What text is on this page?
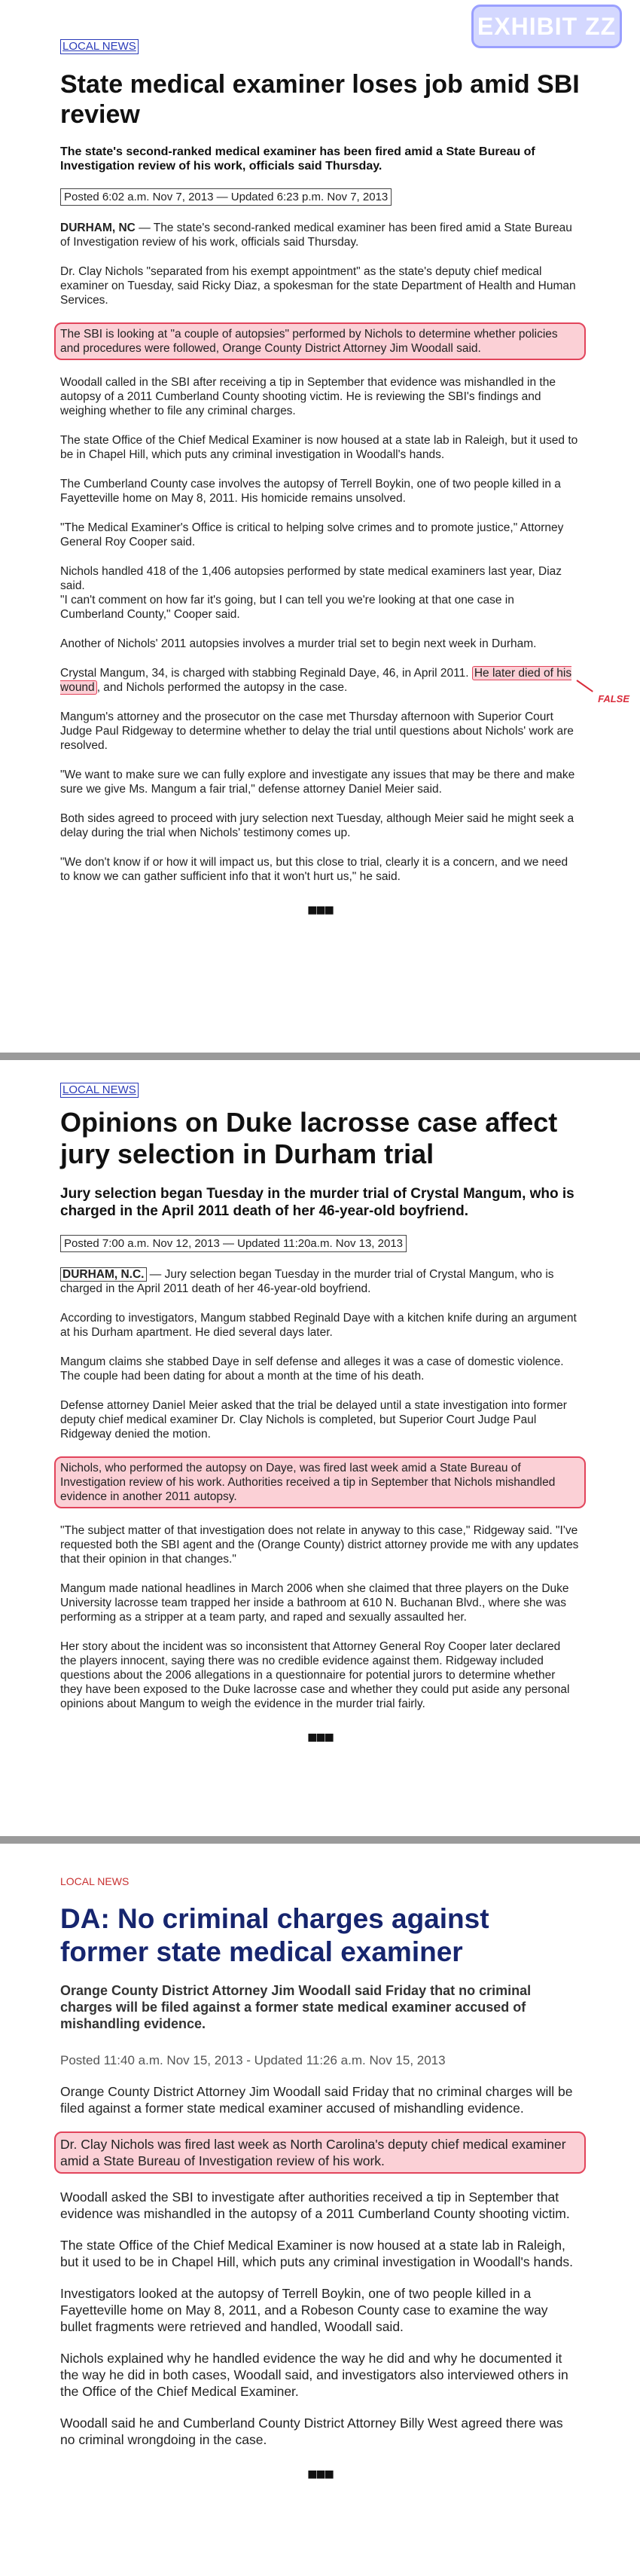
EXHIBIT ZZ
LOCAL NEWS
State medical examiner loses job amid SBI review

The state's second-ranked medical examiner has been fired amid a State Bureau of Investigation review of his work, officials said Thursday.

Posted 6:02 a.m. Nov 7, 2013 — Updated 6:23 p.m. Nov 7, 2013

DURHAM, NC — The state's second-ranked medical examiner has been fired amid a State Bureau of Investigation review of his work, officials said Thursday.

Dr. Clay Nichols "separated from his exempt appointment" as the state's deputy chief medical examiner on Tuesday, said Ricky Diaz, a spokesman for the state Department of Health and Human Services.

The SBI is looking at "a couple of autopsies" performed by Nichols to determine whether policies and procedures were followed, Orange County District Attorney Jim Woodall said.

Woodall called in the SBI after receiving a tip in September that evidence was mishandled in the autopsy of a 2011 Cumberland County shooting victim. He is reviewing the SBI's findings and weighing whether to file any criminal charges.

The state Office of the Chief Medical Examiner is now housed at a state lab in Raleigh, but it used to be in Chapel Hill, which puts any criminal investigation in Woodall's hands.

The Cumberland County case involves the autopsy of Terrell Boykin, one of two people killed in a Fayetteville home on May 8, 2011. His homicide remains unsolved.

"The Medical Examiner's Office is critical to helping solve crimes and to promote justice," Attorney General Roy Cooper said.

Nichols handled 418 of the 1,406 autopsies performed by state medical examiners last year, Diaz said.
"I can't comment on how far it's going, but I can tell you we're looking at that one case in Cumberland County," Cooper said.

Another of Nichols' 2011 autopsies involves a murder trial set to begin next week in Durham.

Crystal Mangum, 34, is charged with stabbing Reginald Daye, 46, in April 2011. He later died of his wound , and Nichols performed the autopsy in the case.
FALSE

Mangum's attorney and the prosecutor on the case met Thursday afternoon with Superior Court Judge Paul Ridgeway to determine whether to delay the trial until questions about Nichols' work are resolved.

"We want to make sure we can fully explore and investigate any issues that may be there and make sure we give Ms. Mangum a fair trial," defense attorney Daniel Meier said.

Both sides agreed to proceed with jury selection next Tuesday, although Meier said he might seek a delay during the trial when Nichols' testimony comes up.

"We don't know if or how it will impact us, but this close to trial, clearly it is a concern, and we need to know we can gather sufficient info that it won't hurt us," he said.

■■■
LOCAL NEWS
Opinions on Duke lacrosse case affect jury selection in Durham trial

Jury selection began Tuesday in the murder trial of Crystal Mangum, who is charged in the April 2011 death of her 46-year-old boyfriend.

Posted 7:00 a.m. Nov 12, 2013 — Updated 11:20a.m. Nov 13, 2013

DURHAM, N.C. — Jury selection began Tuesday in the murder trial of Crystal Mangum, who is charged in the April 2011 death of her 46-year-old boyfriend.

According to investigators, Mangum stabbed Reginald Daye with a kitchen knife during an argument at his Durham apartment. He died several days later.

Mangum claims she stabbed Daye in self defense and alleges it was a case of domestic violence. The couple had been dating for about a month at the time of his death.

Defense attorney Daniel Meier asked that the trial be delayed until a state investigation into former deputy chief medical examiner Dr. Clay Nichols is completed, but Superior Court Judge Paul Ridgeway denied the motion.

Nichols, who performed the autopsy on Daye, was fired last week amid a State Bureau of Investigation review of his work. Authorities received a tip in September that Nichols mishandled evidence in another 2011 autopsy.

"The subject matter of that investigation does not relate in anyway to this case," Ridgeway said. "I've requested both the SBI agent and the (Orange County) district attorney provide me with any updates that their opinion in that changes."

Mangum made national headlines in March 2006 when she claimed that three players on the Duke University lacrosse team trapped her inside a bathroom at 610 N. Buchanan Blvd., where she was performing as a stripper at a team party, and raped and sexually assaulted her.

Her story about the incident was so inconsistent that Attorney General Roy Cooper later declared the players innocent, saying there was no credible evidence against them. Ridgeway included questions about the 2006 allegations in a questionnaire for potential jurors to determine whether they have been exposed to the Duke lacrosse case and whether they could put aside any personal opinions about Mangum to weigh the evidence in the murder trial fairly.

■■■
LOCAL NEWS
DA: No criminal charges against former state medical examiner

Orange County District Attorney Jim Woodall said Friday that no criminal charges will be filed against a former state medical examiner accused of mishandling evidence.

Posted 11:40 a.m. Nov 15, 2013 - Updated 11:26 a.m. Nov 15, 2013

Orange County District Attorney Jim Woodall said Friday that no criminal charges will be filed against a former state medical examiner accused of mishandling evidence.

Dr. Clay Nichols was fired last week as North Carolina's deputy chief medical examiner amid a State Bureau of Investigation review of his work.

Woodall asked the SBI to investigate after authorities received a tip in September that evidence was mishandled in the autopsy of a 2011 Cumberland County shooting victim.

The state Office of the Chief Medical Examiner is now housed at a state lab in Raleigh, but it used to be in Chapel Hill, which puts any criminal investigation in Woodall's hands.

Investigators looked at the autopsy of Terrell Boykin, one of two people killed in a Fayetteville home on May 8, 2011, and a Robeson County case to examine the way bullet fragments were retrieved and handled, Woodall said.

Nichols explained why he handled evidence the way he did and why he documented it the way he did in both cases, Woodall said, and investigators also interviewed others in the Office of the Chief Medical Examiner.

Woodall said he and Cumberland County District Attorney Billy West agreed there was no criminal wrongdoing in the case.

■■■
